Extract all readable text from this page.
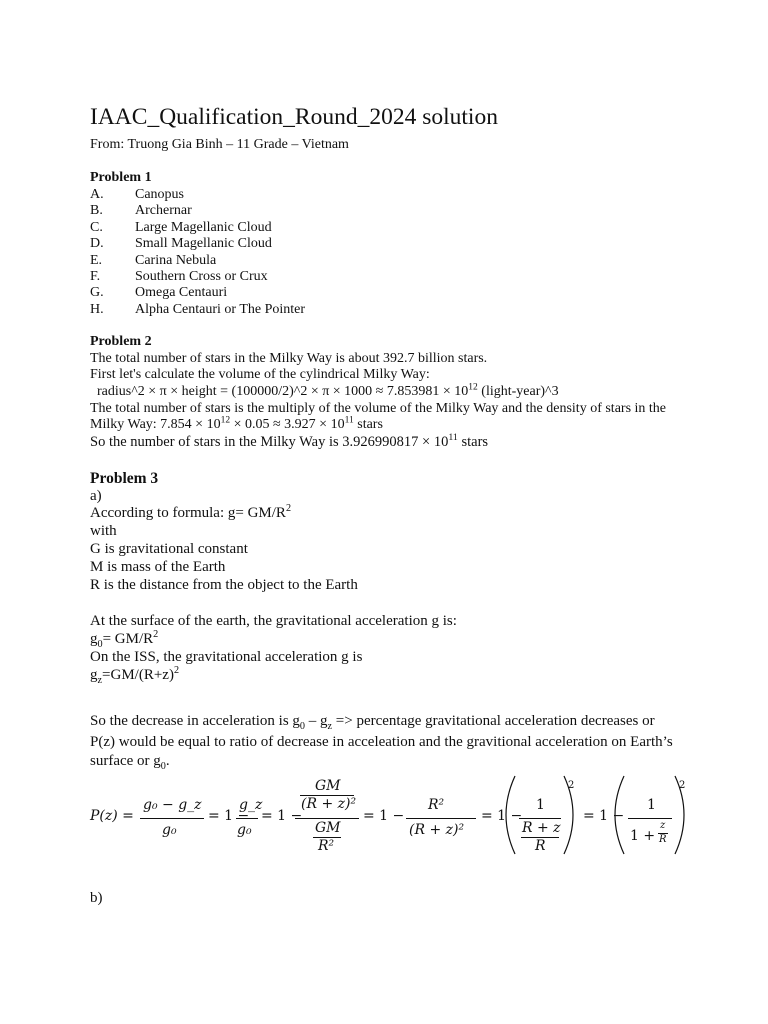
IAAC_Qualification_Round_2024 solution
From: Truong Gia Binh – 11 Grade – Vietnam
Problem 1
A.	Canopus
B.	Archernar
C.	Large Magellanic Cloud
D.	Small Magellanic Cloud
E.	Carina Nebula
F.	Southern Cross or Crux
G.	Omega Centauri
H.	Alpha Centauri or The Pointer
Problem 2
The total number of stars in the Milky Way is about 392.7 billion stars.
First let's calculate the volume of the cylindrical Milky Way:
radius^2 × π × height = (100000/2)^2 × $\pi \times 1000 \approx 7.853981 \times 10^{12}$ (light-year)^3
The total number of stars is the multiply of the volume of the Milky Way and the density of stars in the
Milky Way: $7.854 \times 10^{12} \times 0.05 \approx 3.927 \times 10^{11}$ stars
So the number of stars in the Milky Way is $3.926990817 \times 10^{11}$ stars
Problem 3
a)
According to formula: $g= GM/R^2$
with
G is gravitational constant
M is mass of the Earth
R is the distance from the object to the Earth
At the surface of the earth, the gravitational acceleration g is:
$g_0= GM/R^2$
On the ISS, the gravitational acceleration g is
$g_z=GM/(R+z)^2$
So the decrease in acceleration is $g_0 - g_z$ => percentage gravitational acceleration decreases or
P(z) would be equal to ratio of decrease in acceleation and the gravitional acceleration on Earth’s
surface or $g_0$.
P(z) =
g₀ − g_z
g₀
= 1 −
g_z
g₀
= 1 −
GM
(R + z)²
GM
R²
= 1 −
R²
(R + z)²
= 1 −
1
R + z
R
2
= 1 −
1
1 +
z
R
2
b)
